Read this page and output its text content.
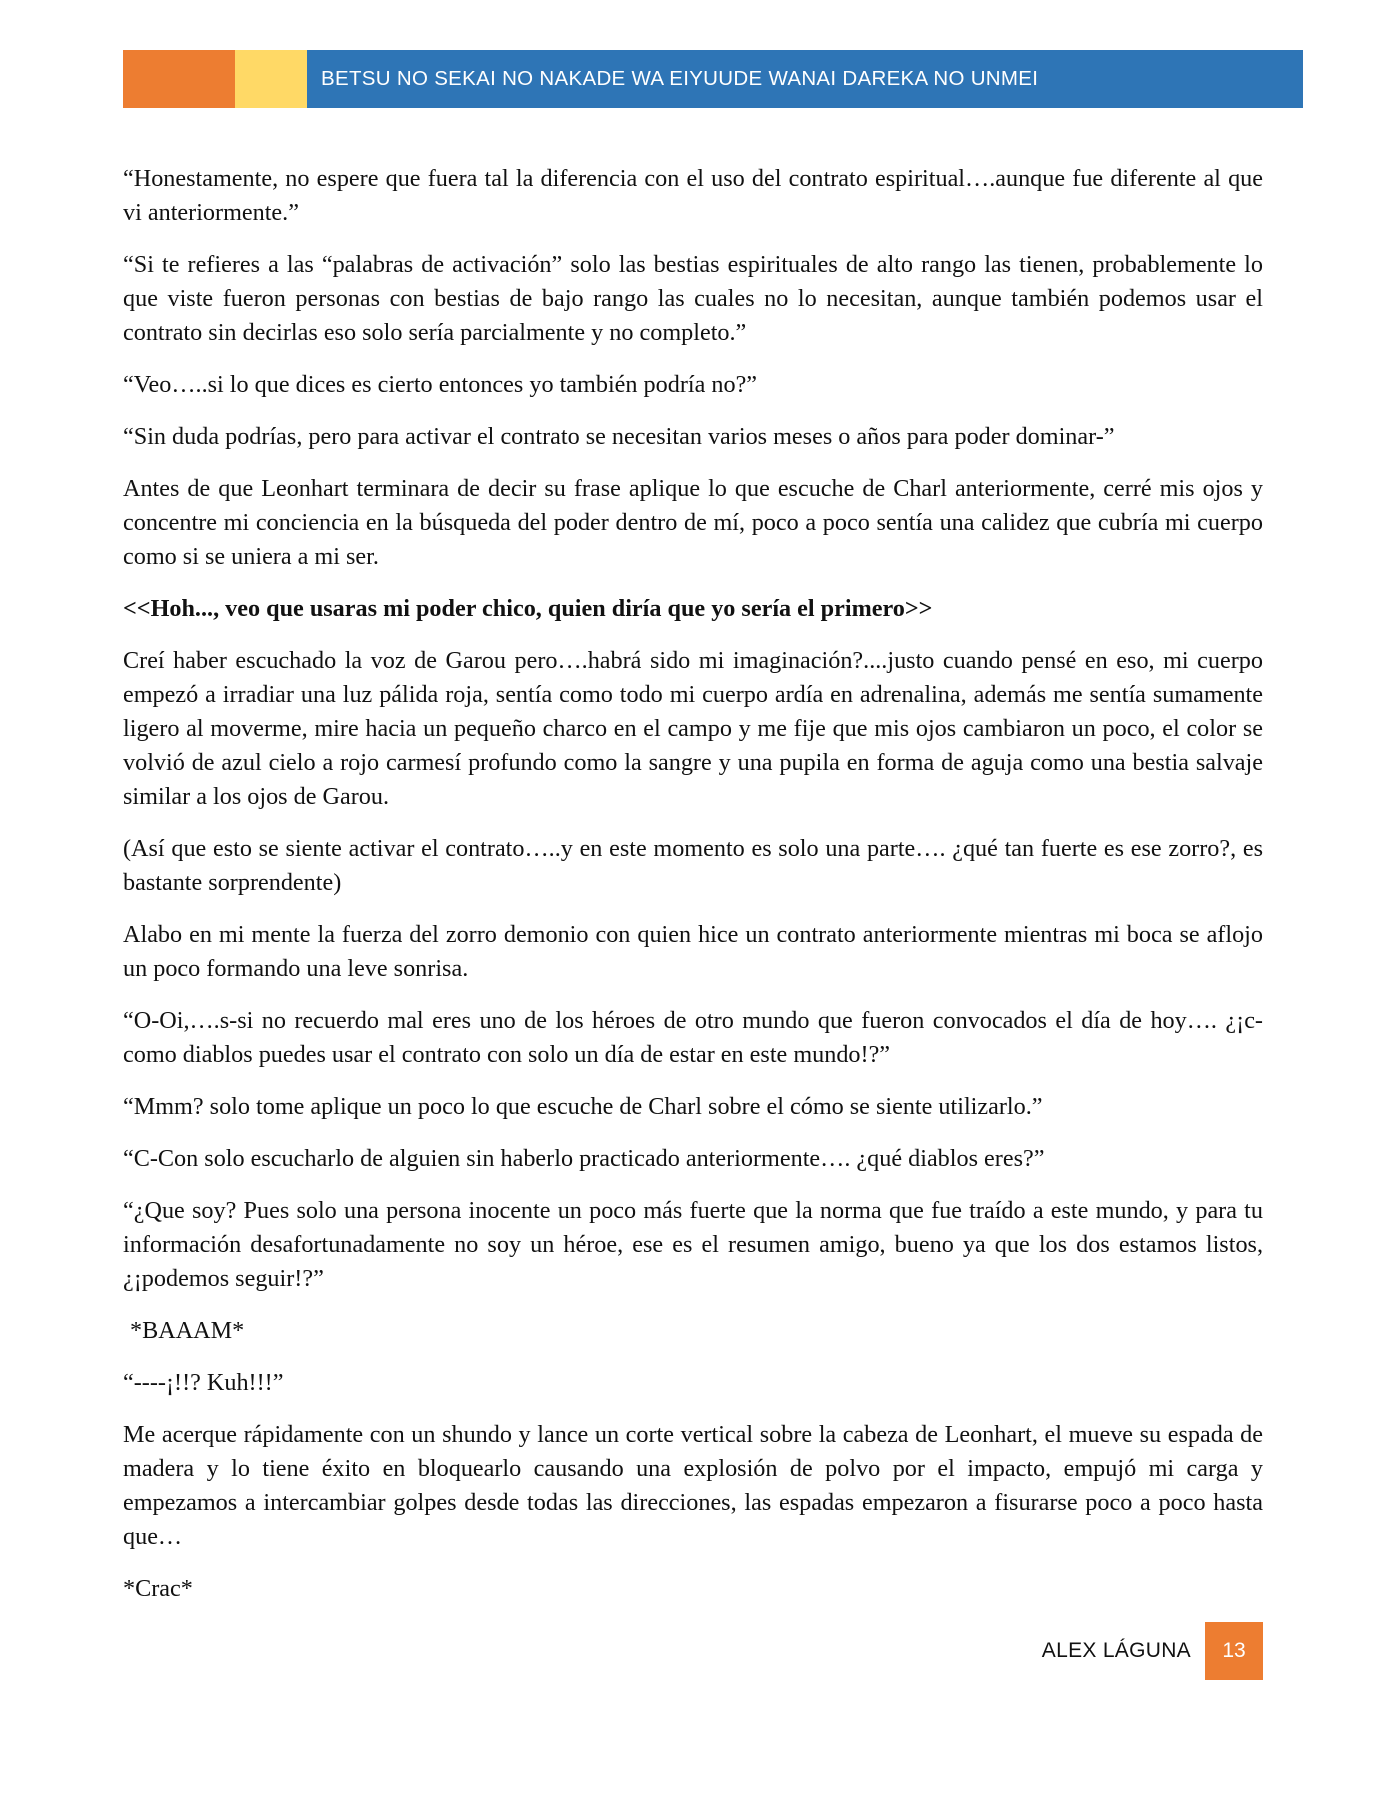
BETSU NO SEKAI NO NAKADE WA EIYUUDE WANAI DAREKA NO UNMEI

“Honestamente, no espere que fuera tal la diferencia con el uso del contrato espiritual….aunque fue diferente al que vi anteriormente.”

“Si te refieres a las “palabras de activación” solo las bestias espirituales de alto rango las tienen, probablemente lo que viste fueron personas con bestias de bajo rango las cuales no lo necesitan, aunque también podemos usar el contrato sin decirlas eso solo sería parcialmente y no completo.”

“Veo…..si lo que dices es cierto entonces yo también podría no?”

“Sin duda podrías, pero para activar el contrato se necesitan varios meses o años para poder dominar-”

Antes de que Leonhart terminara de decir su frase aplique lo que escuche de Charl anteriormente, cerré mis ojos y concentre mi conciencia en la búsqueda del poder dentro de mí, poco a poco sentía una calidez que cubría mi cuerpo como si se uniera a mi ser.

<<Hoh..., veo que usaras mi poder chico, quien diría que yo sería el primero>>

Creí haber escuchado la voz de Garou pero….habrá sido mi imaginación?....justo cuando pensé en eso, mi cuerpo empezó a irradiar una luz pálida roja, sentía como todo mi cuerpo ardía en adrenalina, además me sentía sumamente ligero al moverme, mire hacia un pequeño charco en el campo y me fije que mis ojos cambiaron un poco, el color se volvió de azul cielo a rojo carmesí profundo como la sangre y una pupila en forma de aguja como una bestia salvaje similar a los ojos de Garou.

(Así que esto se siente activar el contrato…..y en este momento es solo una parte…. ¿qué tan fuerte es ese zorro?, es bastante sorprendente)

Alabo en mi mente la fuerza del zorro demonio con quien hice un contrato anteriormente mientras mi boca se aflojo un poco formando una leve sonrisa.

“O-Oi,….s-si no recuerdo mal eres uno de los héroes de otro mundo que fueron convocados el día de hoy…. ¿¡c-como diablos puedes usar el contrato con solo un día de estar en este mundo!?”

“Mmm? solo tome aplique un poco lo que escuche de Charl sobre el cómo se siente utilizarlo.”

“C-Con solo escucharlo de alguien sin haberlo practicado anteriormente…. ¿qué diablos eres?”

“¿Que soy? Pues solo una persona inocente un poco más fuerte que la norma que fue traído a este mundo, y para tu información desafortunadamente no soy un héroe, ese es el resumen amigo, bueno ya que los dos estamos listos, ¿¡podemos seguir!?”

*BAAAM*

“----¡!!? Kuh!!!”

Me acerque rápidamente con un shundo y lance un corte vertical sobre la cabeza de Leonhart, el mueve su espada de madera y lo tiene éxito en bloquearlo causando una explosión de polvo por el impacto, empujó mi carga y empezamos a intercambiar golpes desde todas las direcciones, las espadas empezaron a fisurarse poco a poco hasta que…

*Crac*

ALEX LÁGUNA	13
